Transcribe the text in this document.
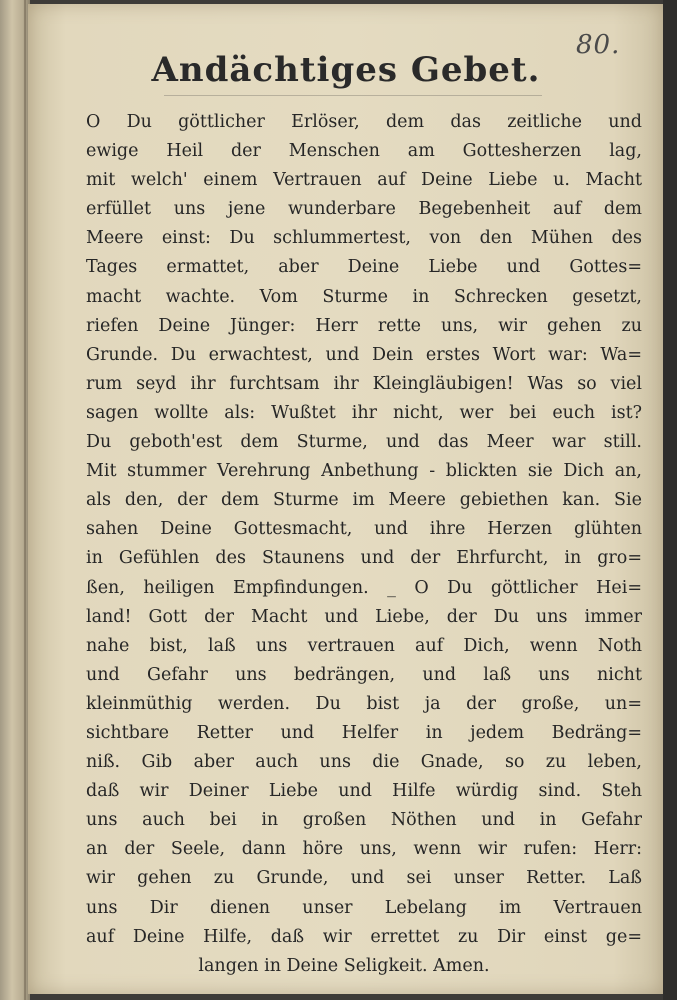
80.

Andächtiges Gebet.
O Du göttlicher Erlöser, dem das zeitliche und
ewige Heil der Menschen am Gottesherzen lag,
mit welch' einem Vertrauen auf Deine Liebe u. Macht
erfüllet uns jene wunderbare Begebenheit auf dem
Meere einst: Du schlummertest, von den Mühen des
Tages ermattet, aber Deine Liebe und Gottes=
macht wachte. Vom Sturme in Schrecken gesetzt,
riefen Deine Jünger: Herr rette uns, wir gehen zu
Grunde. Du erwachtest, und Dein erstes Wort war: Wa=
rum seyd ihr furchtsam ihr Kleingläubigen! Was so viel
sagen wollte als: Wußtet ihr nicht, wer bei euch ist?
Du geboth'est dem Sturme, und das Meer war still.
Mit stummer Verehrung Anbethung - blickten sie Dich an,
als den, der dem Sturme im Meere gebiethen kan. Sie
sahen Deine Gottesmacht, und ihre Herzen glühten
in Gefühlen des Staunens und der Ehrfurcht, in gro=
ßen, heiligen Empfindungen. _ O Du göttlicher Hei=
land! Gott der Macht und Liebe, der Du uns immer
nahe bist, laß uns vertrauen auf Dich, wenn Noth
und Gefahr uns bedrängen, und laß uns nicht
kleinmüthig werden. Du bist ja der große, un=
sichtbare Retter und Helfer in jedem Bedräng=
niß. Gib aber auch uns die Gnade, so zu leben,
daß wir Deiner Liebe und Hilfe würdig sind. Steh
uns auch bei in großen Nöthen und in Gefahr
an der Seele, dann höre uns, wenn wir rufen: Herr:
wir gehen zu Grunde, und sei unser Retter. Laß
uns Dir dienen unser Lebelang im Vertrauen
auf Deine Hilfe, daß wir errettet zu Dir einst ge=
langen in Deine Seligkeit. Amen.
